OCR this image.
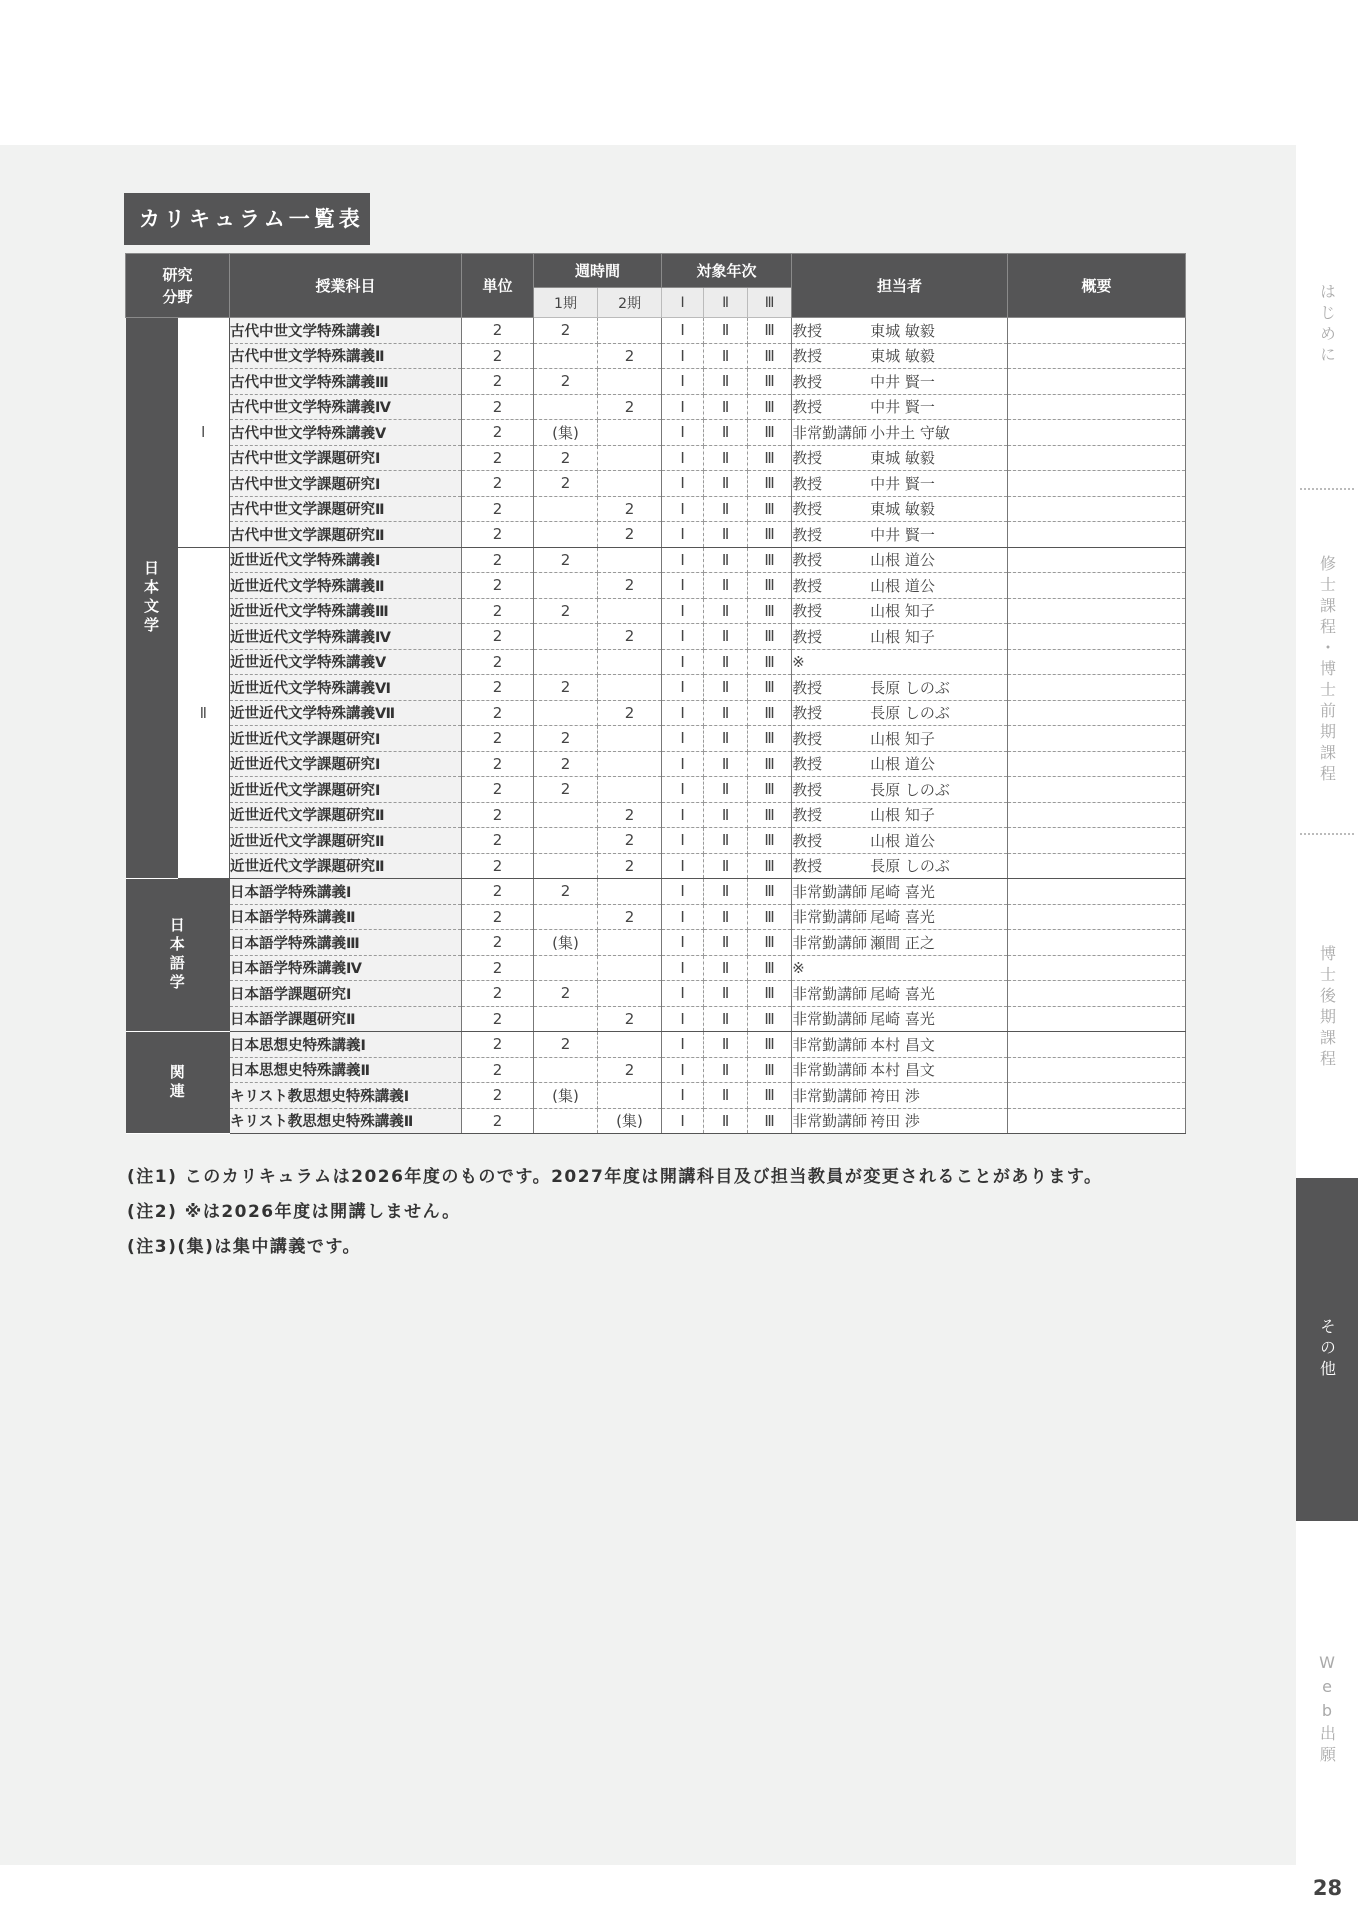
カリキュラム一覧表
研究
分野		授業科目	単位	週時間		対象年次			担当者	概要
				1期	2期	Ⅰ	Ⅱ	Ⅲ		
日本文学	Ⅰ	古代中世文学特殊講義Ⅰ	2	2		Ⅰ	Ⅱ	Ⅲ	教授 東城 敏毅	
		古代中世文学特殊講義Ⅱ	2		2	Ⅰ	Ⅱ	Ⅲ	教授 東城 敏毅	
		古代中世文学特殊講義Ⅲ	2	2		Ⅰ	Ⅱ	Ⅲ	教授 中井 賢一	
		古代中世文学特殊講義Ⅳ	2		2	Ⅰ	Ⅱ	Ⅲ	教授 中井 賢一	
		古代中世文学特殊講義Ⅴ	2	(集)		Ⅰ	Ⅱ	Ⅲ	非常勤講師 小井土 守敏	
		古代中世文学課題研究Ⅰ	2	2		Ⅰ	Ⅱ	Ⅲ	教授 東城 敏毅	
		古代中世文学課題研究Ⅰ	2	2		Ⅰ	Ⅱ	Ⅲ	教授 中井 賢一	
		古代中世文学課題研究Ⅱ	2		2	Ⅰ	Ⅱ	Ⅲ	教授 東城 敏毅	
		古代中世文学課題研究Ⅱ	2		2	Ⅰ	Ⅱ	Ⅲ	教授 中井 賢一	
	Ⅱ	近世近代文学特殊講義Ⅰ	2	2		Ⅰ	Ⅱ	Ⅲ	教授 山根 道公	
		近世近代文学特殊講義Ⅱ	2		2	Ⅰ	Ⅱ	Ⅲ	教授 山根 道公	
		近世近代文学特殊講義Ⅲ	2	2		Ⅰ	Ⅱ	Ⅲ	教授 山根 知子	
		近世近代文学特殊講義Ⅳ	2		2	Ⅰ	Ⅱ	Ⅲ	教授 山根 知子	
		近世近代文学特殊講義Ⅴ	2			Ⅰ	Ⅱ	Ⅲ	※	
		近世近代文学特殊講義Ⅵ	2	2		Ⅰ	Ⅱ	Ⅲ	教授 長原 しのぶ	
		近世近代文学特殊講義Ⅶ	2		2	Ⅰ	Ⅱ	Ⅲ	教授 長原 しのぶ	
		近世近代文学課題研究Ⅰ	2	2		Ⅰ	Ⅱ	Ⅲ	教授 山根 知子	
		近世近代文学課題研究Ⅰ	2	2		Ⅰ	Ⅱ	Ⅲ	教授 山根 道公	
		近世近代文学課題研究Ⅰ	2	2		Ⅰ	Ⅱ	Ⅲ	教授 長原 しのぶ	
		近世近代文学課題研究Ⅱ	2		2	Ⅰ	Ⅱ	Ⅲ	教授 山根 知子	
		近世近代文学課題研究Ⅱ	2		2	Ⅰ	Ⅱ	Ⅲ	教授 山根 道公	
		近世近代文学課題研究Ⅱ	2		2	Ⅰ	Ⅱ	Ⅲ	教授 長原 しのぶ	
日本語学		日本語学特殊講義Ⅰ	2	2		Ⅰ	Ⅱ	Ⅲ	非常勤講師 尾崎 喜光	
		日本語学特殊講義Ⅱ	2		2	Ⅰ	Ⅱ	Ⅲ	非常勤講師 尾崎 喜光	
		日本語学特殊講義Ⅲ	2	(集)		Ⅰ	Ⅱ	Ⅲ	非常勤講師 瀬間 正之	
		日本語学特殊講義Ⅳ	2			Ⅰ	Ⅱ	Ⅲ	※	
		日本語学課題研究Ⅰ	2	2		Ⅰ	Ⅱ	Ⅲ	非常勤講師 尾崎 喜光	
		日本語学課題研究Ⅱ	2		2	Ⅰ	Ⅱ	Ⅲ	非常勤講師 尾崎 喜光	
関連		日本思想史特殊講義Ⅰ	2	2		Ⅰ	Ⅱ	Ⅲ	非常勤講師 本村 昌文	
		日本思想史特殊講義Ⅱ	2		2	Ⅰ	Ⅱ	Ⅲ	非常勤講師 本村 昌文	
		キリスト教思想史特殊講義Ⅰ	2	(集)		Ⅰ	Ⅱ	Ⅲ	非常勤講師 袴田 渉	
		キリスト教思想史特殊講義Ⅱ	2		(集)	Ⅰ	Ⅱ	Ⅲ	非常勤講師 袴田 渉	
(注1) このカリキュラムは2026年度のものです。2027年度は開講科目及び担当教員が変更されることがあります。
(注2) ※は2026年度は開講しません。
(注3)(集)は集中講義です。
はじめに
修士課程・博士前期課程
博士後期課程
その他
Web出願
28
